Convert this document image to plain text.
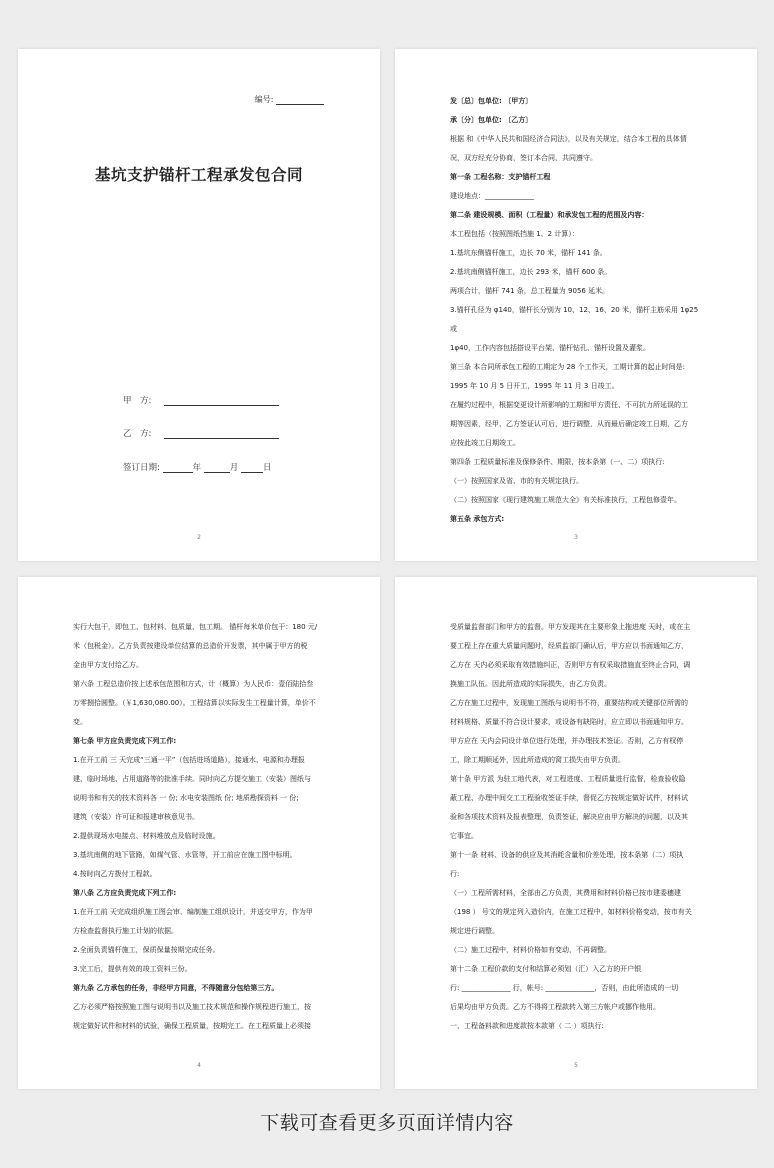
编号:
基坑支护锚杆工程承发包合同
甲　方:
乙　方:
签订日期:	年	月	日
2

发〔总〕包单位: 〔甲方〕

承〔分〕包单位: 〔乙方〕

根据 和《中华人民共和国经济合同法》，以及有关规定，结合本工程的具体情

况，双方经充分协商，签订本合同，共同遵守。

第一条 工程名称：支护锚杆工程

建设地点：______________

第二条 建设规模、面积（工程量）和承发包工程的范围及内容：

本工程包括（按照图纸挡施 1、2 计算）：

1.基坑东侧锚杆施工，边长 70 米，锚杆 141 条。

2.基坑南侧锚杆施工，边长 293 米，锚杆 600 条。

两项合计，锚杆 741 条，总工程量为 9056 延米。

3.锚杆孔径为 φ140，锚杆长分别为 10、12、16、20 米，锚杆主筋采用 1φ25 或

1φ40，工作内容包括搭设平台架、锚杆钻孔、锚杆设置及灌浆。

第三条 本合同所承包工程的工期定为 28 个工作天，工期计算的起止时间是:

1995 年 10 月 5 日开工，1995 年 11 月 3 日竣工。

在履约过程中，根据变更设计所影响的工期和甲方责任、不可抗力所延误的工

期等因素，经甲、乙方签证认可后，进行调整，从而最后确定竣工日期，乙方

应按此竣工日期竣工。

第四条 工程质量标准及保修条件、期限，按本条第（一、二）项执行:

（一）按照国家及省、市的有关规定执行。

（二）按照国家《现行建筑施工规范大全》有关标准执行，工程包修壹年。

第五条 承包方式:

3

实行大包干，即包工、包材料、包质量、包工期。 锚杆每米单价包干：180 元/

米（包税金）。乙方负责按建设单位结算的总造价开发票，其中属于甲方的税

金由甲方支付给乙方。

第六条 工程总造价按上述承包范围和方式，计（概算）为人民币：壹佰陆拾叁

万零捌拾圆整。（￥1,630,080.00）。工程结算以实际发生工程量计算，单价不

变。

第七条 甲方应负责完成下列工作:

1.在开工前 三 天完成“三通一平”（包括进场道路），接通水、电源和办理报

建、临时场地、占用道路等的批准手续。同时向乙方提交施工（安装）图纸与

说明书和有关的技术资料各 一 份; 水电安装图纸 份; 地质勘探资料 一 份;

建筑（安装）许可证和报建审核意见书。

2.提供现场水电接点、材料堆放点及临时设施。

3.基坑南侧的地下管路，如煤气管、水管等，开工前应在施工图中标明。

4.按时向乙方拨付工程款。

第八条 乙方应负责完成下列工作:

1.在开工前 天完成组织施工图会审、编制施工组织设计，并送交甲方，作为甲

方检查监督执行施工计划的依据。

2.全面负责锚杆施工，保质保量按期完成任务。

3.完工后，提供有效的竣工资料三份。

第九条 乙方承包的任务，非经甲方同意，不得随意分包给第三方。

乙方必须严格按照施工图与说明书以及施工技术规范和操作规程进行施工，按

规定做好试件和材料的试验，确保工程质量，按期完工。在工程质量上必须接

4

受质量监督部门和甲方的监督。甲方发现其在主要形象上拖进度 天时，或在主

要工程上存在重大质量问题时，经质监部门确认后，甲方应以书面通知乙方，

乙方在 天内必须采取有效措施纠正，否则甲方有权采取措施直至终止合同，调

换施工队伍。因此所造成的实际损失，由乙方负责。

乙方在施工过程中，发现施工图纸与说明书不符，重要结构或关键部位所需的

材料规格、质量不符合设计要求，或设备有缺陷时，应立即以书面通知甲方。

甲方应在 天内会同设计单位进行处理，并办理技术签证。否则，乙方有权停

工，除工期顺延外，因此所造成的窝工损失由甲方负责。

第十条 甲方派 为驻工地代表，对工程进度、工程质量进行监督，检查验收隐

蔽工程、办理中间交工工程验收签证手续，督促乙方按规定做好试件，材料试

验和各项技术资料及报表整理，负责签证，解决应由甲方解决的问题，以及其

它事宜。

第十一条 材料、设备的供应及其消耗含量和价差处理，按本条第（二）项执

行:

（一）工程所需材料，全部由乙方负责，其费用和材料价格已按市建委穗建

（198 ） 号文的规定列入造价内，在施工过程中，如材料价格变动，按市有关

规定进行调整。

（二）施工过程中，材料价格如有变动，不再调整。

第十二条 工程价款的支付和结算必须划（汇）入乙方的开户银

行: ______________ 行，帐号: ______________，否则，由此所造成的一切

后果均由甲方负责。乙方不得将工程款转入第三方帐户或挪作他用。

一、工程备料款和进度款按本款第（ 二 ）项执行:

5
下载可查看更多页面详情内容
